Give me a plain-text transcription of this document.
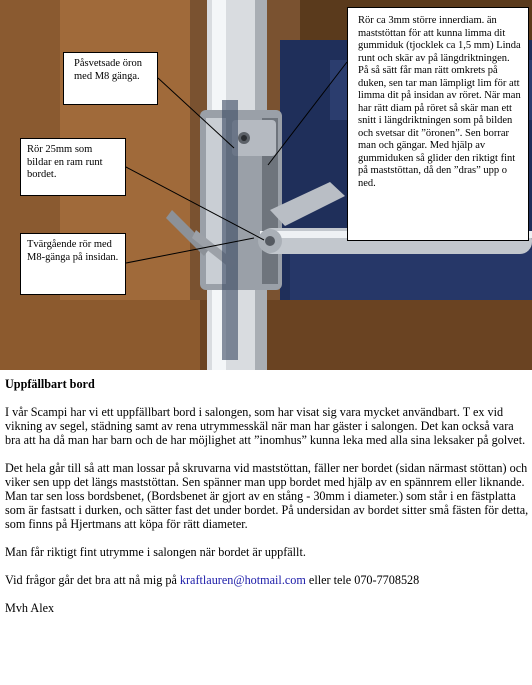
Påsvetsade öron med M8 gänga.

Rör 25mm som bildar en ram runt bordet.

Tvärgående rör med M8-gänga på insidan.

Rör ca 3mm större innerdiam. än maststöttan för att kunna limma dit gummiduk (tjocklek ca 1,5 mm) Linda runt och skär av på längdriktningen. På så sätt får man rätt omkrets på duken, sen tar man lämpligt lim för att limma dit på insidan av röret. När man har rätt diam på röret så skär man ett snitt i längdriktningen som på bilden och svetsar dit ”öronen”. Sen borrar man och gängar. Med hjälp av gummiduken så glider den riktigt fint på maststöttan, då den ”dras” upp o ned.

Uppfällbart bord

I vår Scampi har vi ett uppfällbart bord i salongen, som har visat sig vara mycket användbart. T ex vid vikning av segel, städning samt av rena utrymmesskäl när man har gäster i salongen. Det kan också vara bra att ha då man har barn och de har möjlighet att ”inomhus” kunna leka med alla sina leksaker på golvet.

Det hela går till så att man lossar på skruvarna vid maststöttan, fäller ner bordet (sidan närmast stöttan) och viker sen upp det längs maststöttan. Sen spänner man upp bordet med hjälp av en spännrem eller liknande. Man tar sen loss bordsbenet, (Bordsbenet är gjort av en stång - 30mm i diameter.) som står i en fästplatta som är fastsatt i durken, och sätter fast det under bordet. På undersidan av bordet sitter små fästen för detta, som finns på Hjertmans att köpa för rätt diameter.

Man får riktigt fint utrymme i salongen när bordet är uppfällt.

Vid frågor går det bra att nå mig på kraftlauren@hotmail.com eller tele 070-7708528

Mvh Alex
